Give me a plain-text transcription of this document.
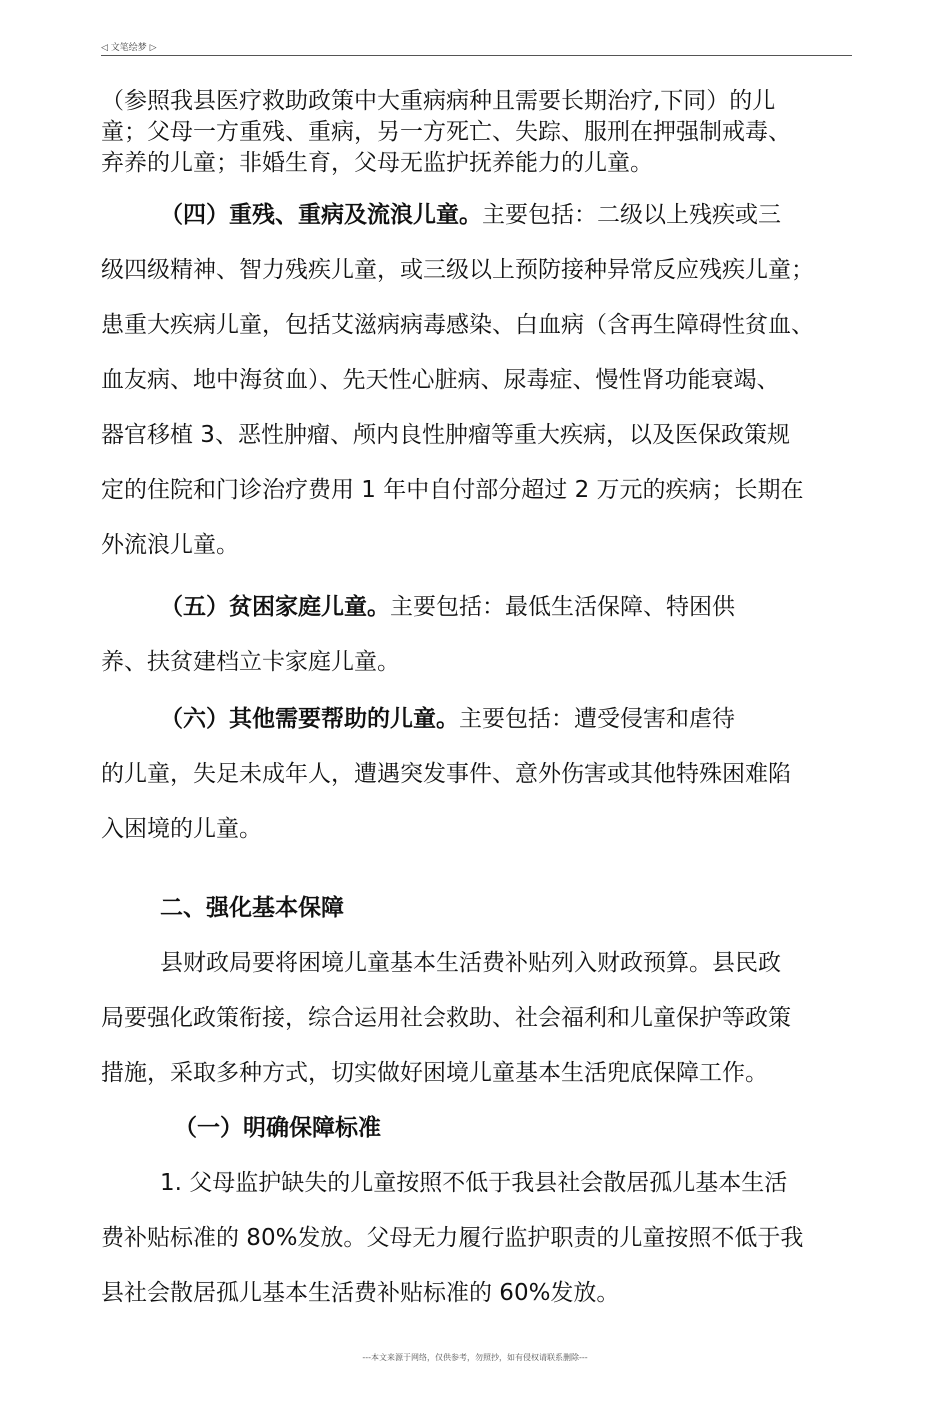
◁ 文笔绘梦 ▷
（参照我县医疗救助政策中大重病病种且需要长期治疗,下同）的儿
童；父母一方重残、重病，另一方死亡、失踪、服刑在押强制戒毒、
弃养的儿童；非婚生育，父母无监护抚养能力的儿童。
（四）重残、重病及流浪儿童。主要包括：二级以上残疾或三
级四级精神、智力残疾儿童，或三级以上预防接种异常反应残疾儿童；
患重大疾病儿童，包括艾滋病病毒感染、白血病（含再生障碍性贫血、
血友病、地中海贫血）、先天性心脏病、尿毒症、慢性肾功能衰竭、
器官移植 3、恶性肿瘤、颅内良性肿瘤等重大疾病，以及医保政策规
定的住院和门诊治疗费用 1 年中自付部分超过 2 万元的疾病；长期在
外流浪儿童。
（五）贫困家庭儿童。主要包括：最低生活保障、特困供
养、扶贫建档立卡家庭儿童。
（六）其他需要帮助的儿童。主要包括：遭受侵害和虐待
的儿童，失足未成年人，遭遇突发事件、意外伤害或其他特殊困难陷
入困境的儿童。
二、强化基本保障
县财政局要将困境儿童基本生活费补贴列入财政预算。县民政
局要强化政策衔接，综合运用社会救助、社会福利和儿童保护等政策
措施，采取多种方式，切实做好困境儿童基本生活兜底保障工作。
（一）明确保障标准
1. 父母监护缺失的儿童按照不低于我县社会散居孤儿基本生活
费补贴标准的 80%发放。父母无力履行监护职责的儿童按照不低于我
县社会散居孤儿基本生活费补贴标准的 60%发放。
---本文来源于网络，仅供参考，勿照抄，如有侵权请联系删除---
